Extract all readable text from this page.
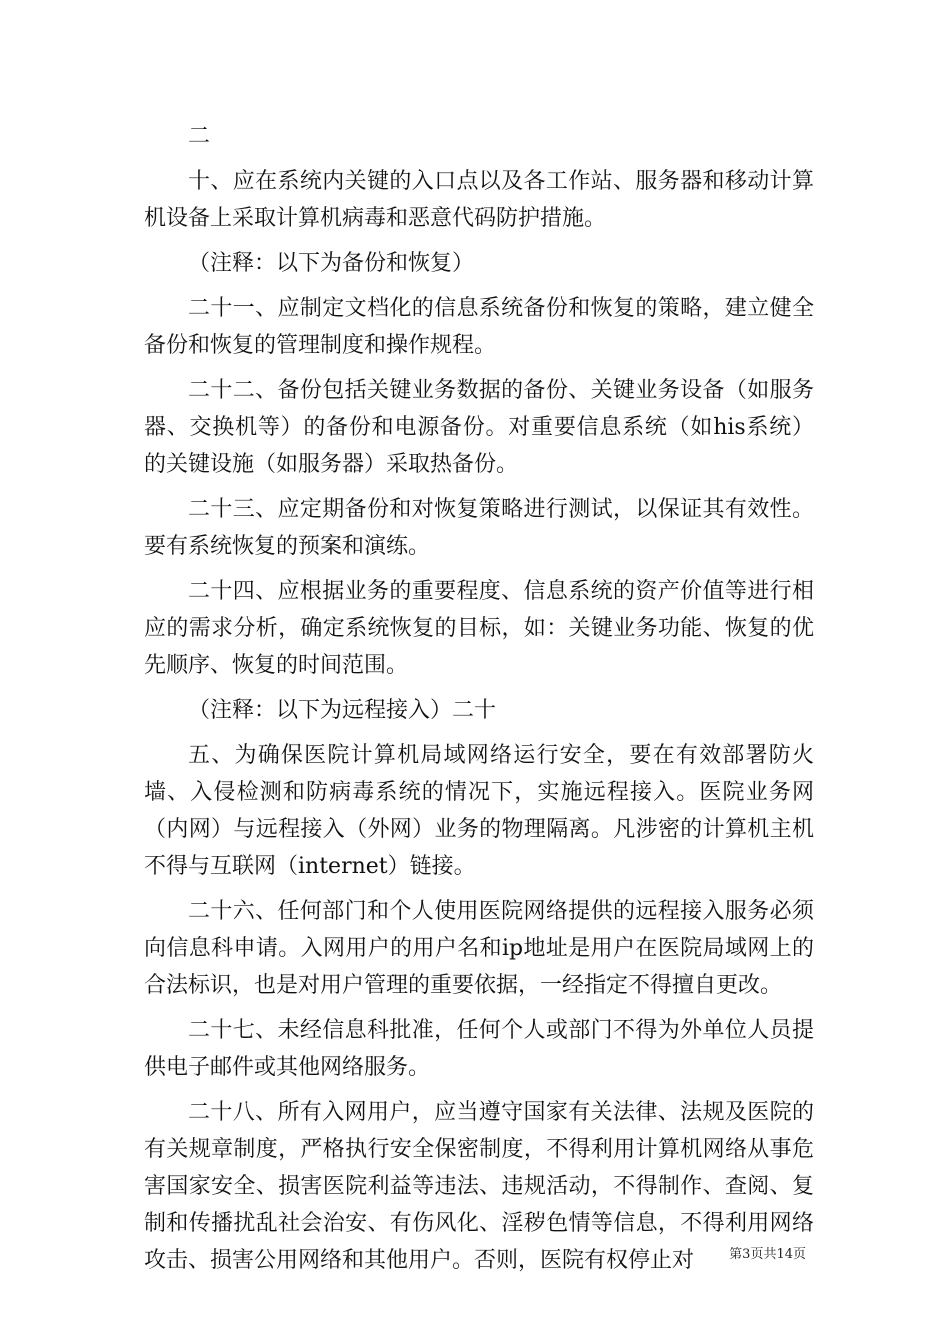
二

十、应在系统内关键的入口点以及各工作站、服务器和移动计算机设备上采取计算机病毒和恶意代码防护措施。

（注释：以下为备份和恢复）

二十一、应制定文档化的信息系统备份和恢复的策略，建立健全备份和恢复的管理制度和操作规程。

二十二、备份包括关键业务数据的备份、关键业务设备（如服务器、交换机等）的备份和电源备份。对重要信息系统（如his系统）的关键设施（如服务器）采取热备份。

二十三、应定期备份和对恢复策略进行测试，以保证其有效性。要有系统恢复的预案和演练。

二十四、应根据业务的重要程度、信息系统的资产价值等进行相应的需求分析，确定系统恢复的目标，如：关键业务功能、恢复的优先顺序、恢复的时间范围。

（注释：以下为远程接入）二十

五、为确保医院计算机局域网络运行安全，要在有效部署防火墙、入侵检测和防病毒系统的情况下，实施远程接入。医院业务网（内网）与远程接入（外网）业务的物理隔离。凡涉密的计算机主机不得与互联网（internet）链接。

二十六、任何部门和个人使用医院网络提供的远程接入服务必须向信息科申请。入网用户的用户名和ip地址是用户在医院局域网上的合法标识，也是对用户管理的重要依据，一经指定不得擅自更改。

二十七、未经信息科批准，任何个人或部门不得为外单位人员提供电子邮件或其他网络服务。

二十八、所有入网用户，应当遵守国家有关法律、法规及医院的有关规章制度，严格执行安全保密制度，不得利用计算机网络从事危害国家安全、损害医院利益等违法、违规活动，不得制作、查阅、复制和传播扰乱社会治安、有伤风化、淫秽色情等信息，不得利用网络攻击、损害公用网络和其他用户。否则，医院有权停止对	第3页共14页
